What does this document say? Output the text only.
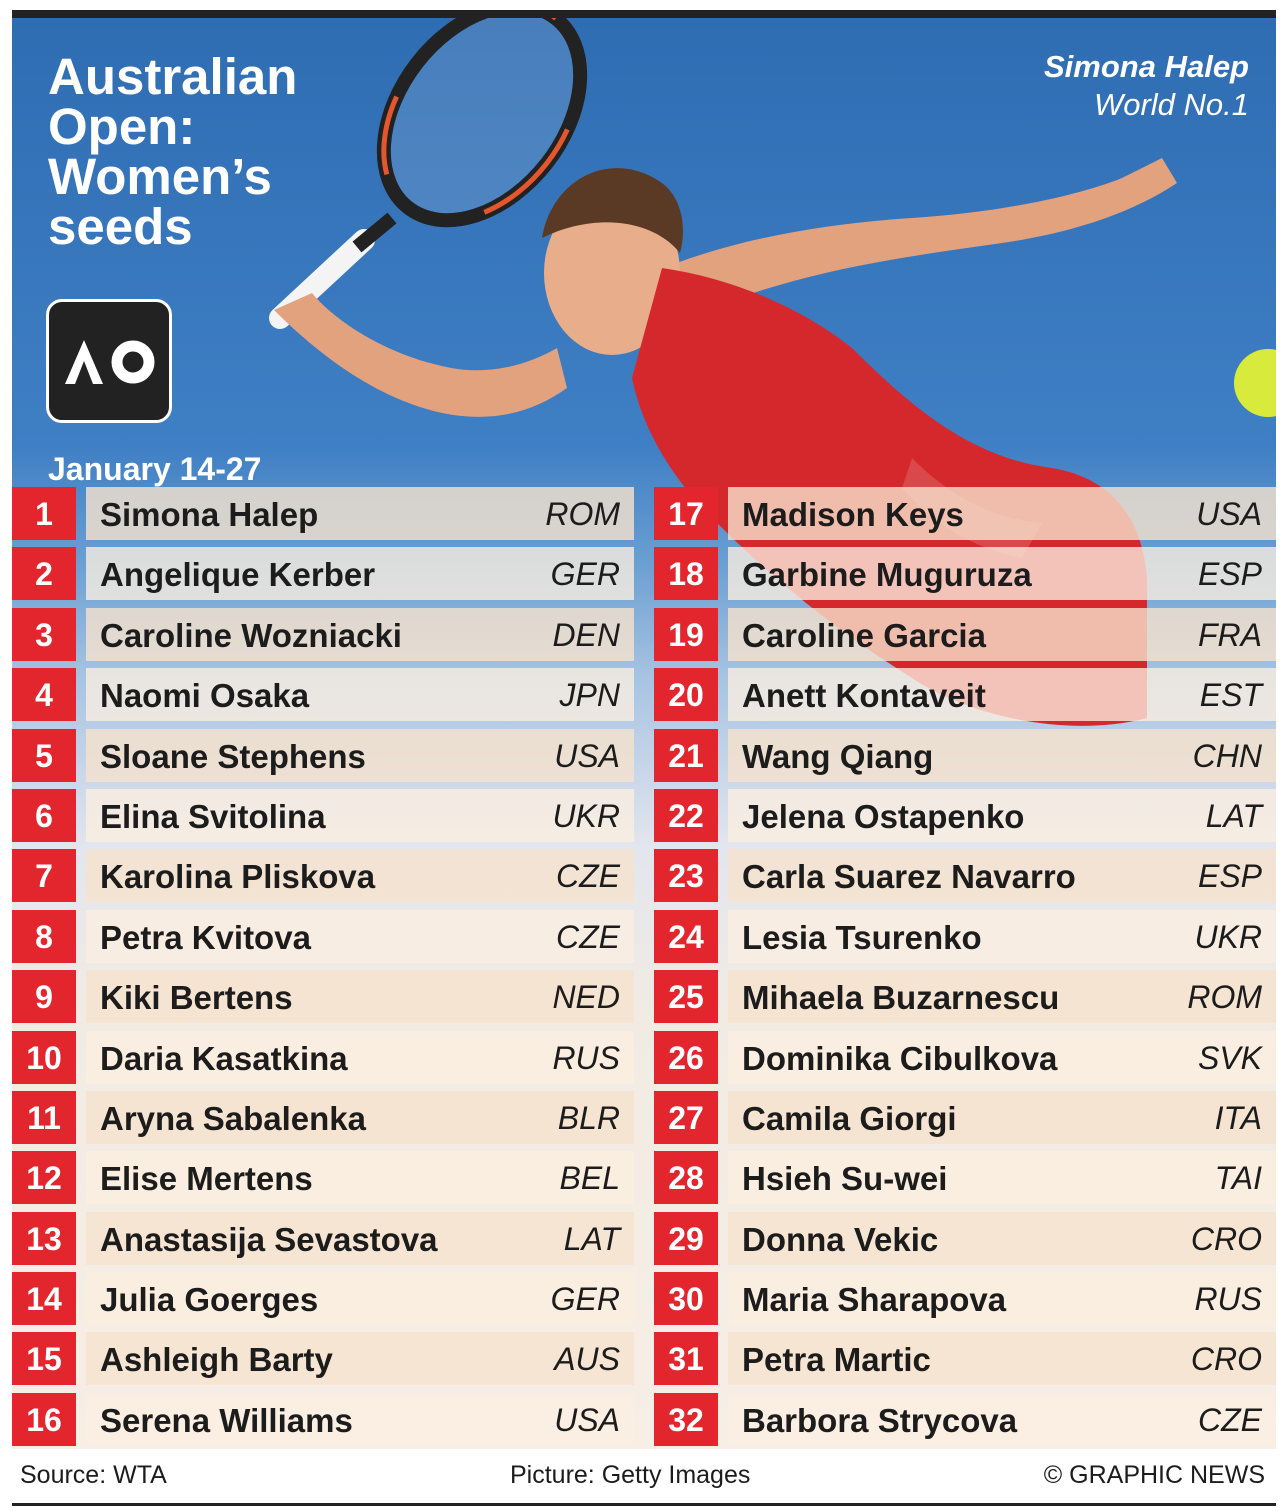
Australian
Open:
Women’s
seeds
January 14-27
Simona Halep
World No.1
1	Simona Halep	ROM
2	Angelique Kerber	GER
3	Caroline Wozniacki	DEN
4	Naomi Osaka	JPN
5	Sloane Stephens	USA
6	Elina Svitolina	UKR
7	Karolina Pliskova	CZE
8	Petra Kvitova	CZE
9	Kiki Bertens	NED
10	Daria Kasatkina	RUS
11	Aryna Sabalenka	BLR
12	Elise Mertens	BEL
13	Anastasija Sevastova	LAT
14	Julia Goerges	GER
15	Ashleigh Barty	AUS
16	Serena Williams	USA
17	Madison Keys	USA
18	Garbine Muguruza	ESP
19	Caroline Garcia	FRA
20	Anett Kontaveit	EST
21	Wang Qiang	CHN
22	Jelena Ostapenko	LAT
23	Carla Suarez Navarro	ESP
24	Lesia Tsurenko	UKR
25	Mihaela Buzarnescu	ROM
26	Dominika Cibulkova	SVK
27	Camila Giorgi	ITA
28	Hsieh Su-wei	TAI
29	Donna Vekic	CRO
30	Maria Sharapova	RUS
31	Petra Martic	CRO
32	Barbora Strycova	CZE
Source: WTA	Picture: Getty Images	© GRAPHIC NEWS
